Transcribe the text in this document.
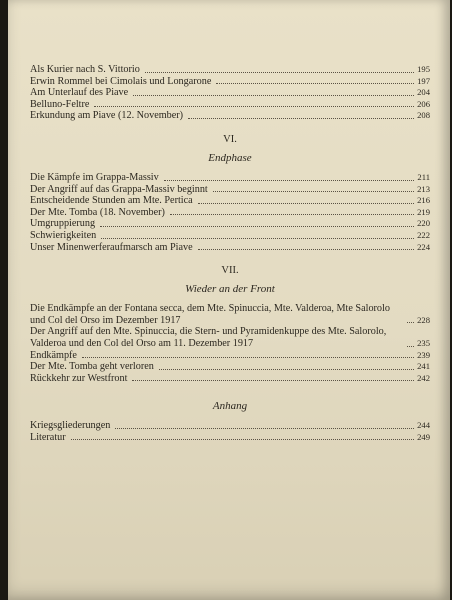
Als Kurier nach S. Vittorio	195
Erwin Rommel bei Cimolais und Longarone	197
Am Unterlauf des Piave	204
Belluno-Feltre	206
Erkundung am Piave (12. November)	208
VI.
Endphase
Die Kämpfe im Grappa-Massiv	211
Der Angriff auf das Grappa-Massiv beginnt	213
Entscheidende Stunden am Mte. Pertica	216
Der Mte. Tomba (18. November)	219
Umgruppierung	220
Schwierigkeiten	222
Unser Minenwerferaufmarsch am Piave	224
VII.
Wieder an der Front
Die Endkämpfe an der Fontana secca, dem Mte. Spinuccia, Mte. Valderoa, Mte Salorolo und Col del Orso im Dezember 1917	228
Der Angriff auf den Mte. Spinuccia, die Stern- und Pyramidenkuppe des Mte. Salorolo, Valderoa und den Col del Orso am 11. Dezember 1917	235
Endkämpfe	239
Der Mte. Tomba geht verloren	241
Rückkehr zur Westfront	242
Anhang
Kriegsgliederungen	244
Literatur	249
